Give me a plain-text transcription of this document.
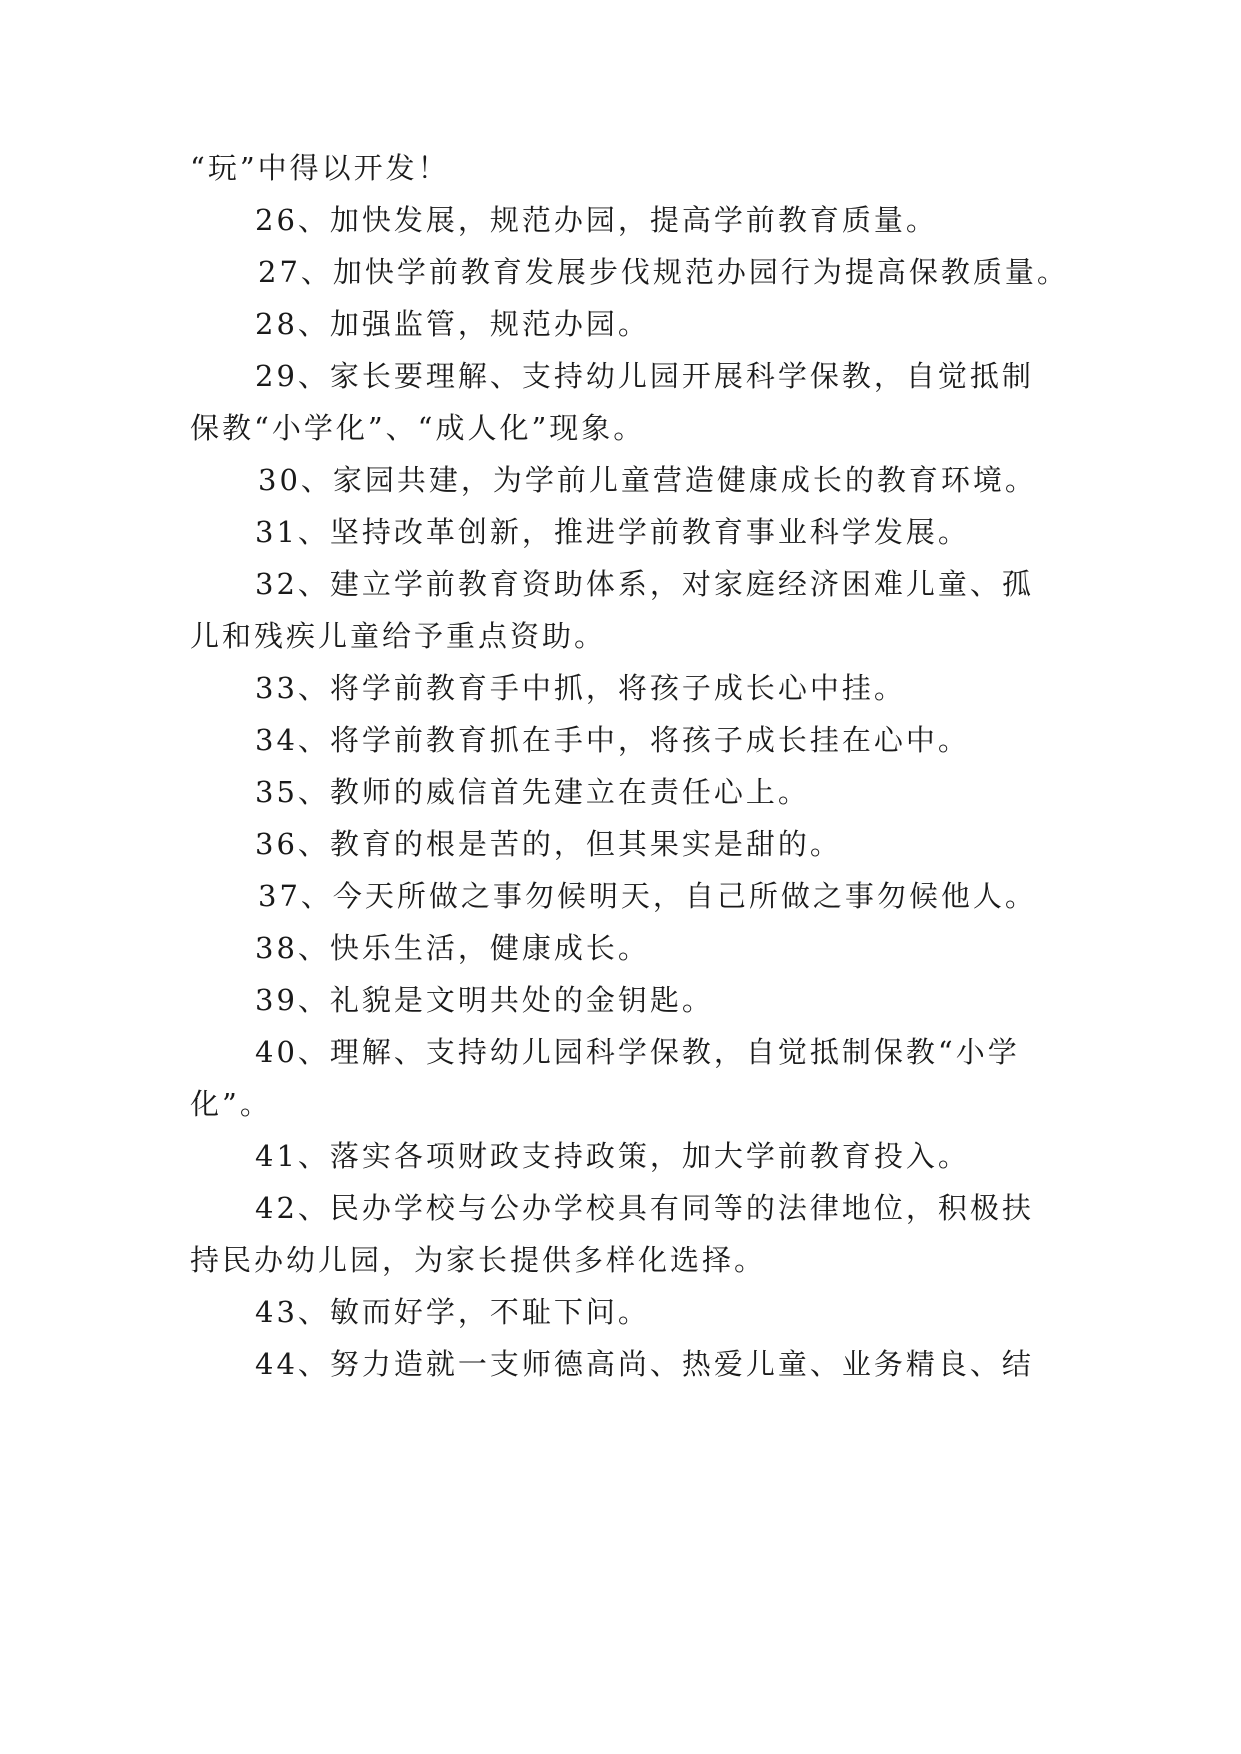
“玩”中得以开发！
26、加快发展，规范办园，提高学前教育质量。
27、加快学前教育发展步伐规范办园行为提高保教质量。
28、加强监管，规范办园。
29、家长要理解、支持幼儿园开展科学保教，自觉抵制
保教“小学化”、“成人化”现象。
30、家园共建，为学前儿童营造健康成长的教育环境。
31、坚持改革创新，推进学前教育事业科学发展。
32、建立学前教育资助体系，对家庭经济困难儿童、孤
儿和残疾儿童给予重点资助。
33、将学前教育手中抓，将孩子成长心中挂。
34、将学前教育抓在手中，将孩子成长挂在心中。
35、教师的威信首先建立在责任心上。
36、教育的根是苦的，但其果实是甜的。
37、今天所做之事勿候明天，自己所做之事勿候他人。
38、快乐生活，健康成长。
39、礼貌是文明共处的金钥匙。
40、理解、支持幼儿园科学保教，自觉抵制保教“小学
化”。
41、落实各项财政支持政策，加大学前教育投入。
42、民办学校与公办学校具有同等的法律地位，积极扶
持民办幼儿园，为家长提供多样化选择。
43、敏而好学，不耻下问。
44、努力造就一支师德高尚、热爱儿童、业务精良、结
